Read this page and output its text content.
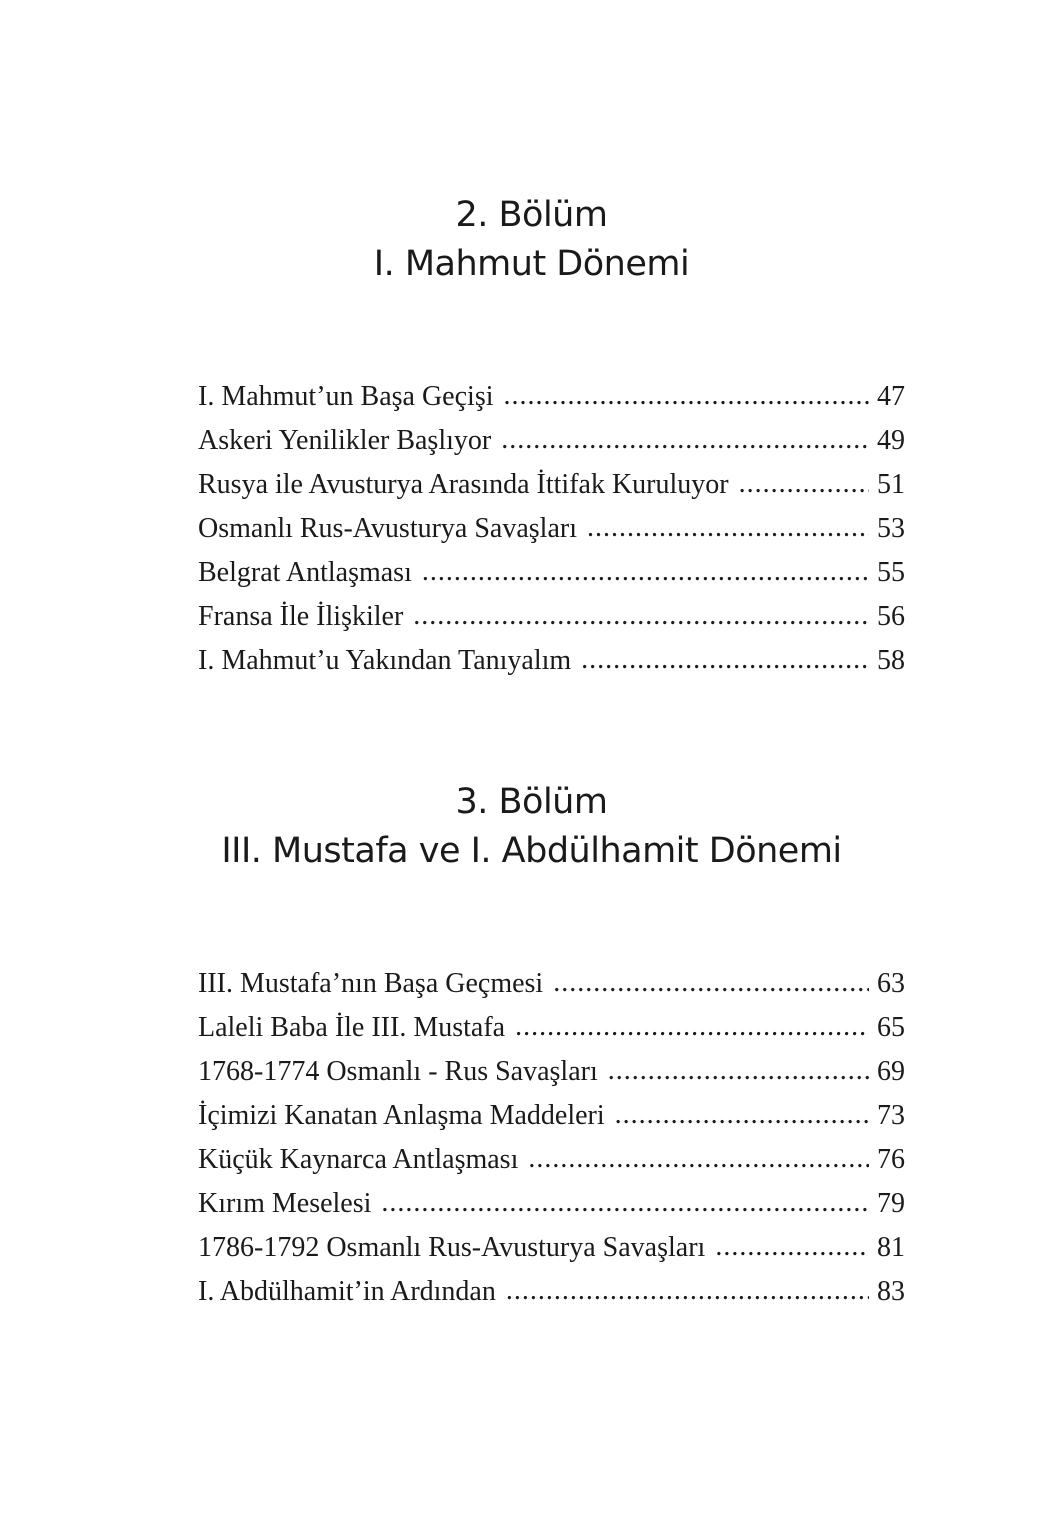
2. Bölüm
I. Mahmut Dönemi
I. Mahmut’un Başa Geçişi .....	47
Askeri Yenilikler Başlıyor .....	49
Rusya ile Avusturya Arasında İttifak Kuruluyor .....	51
Osmanlı Rus-Avusturya Savaşları .....	53
Belgrat Antlaşması .....	55
Fransa İle İlişkiler .....	56
I. Mahmut’u Yakından Tanıyalım .....	58
3. Bölüm
III. Mustafa ve I. Abdülhamit Dönemi
III. Mustafa’nın Başa Geçmesi .....	63
Laleli Baba İle III. Mustafa .....	65
1768-1774 Osmanlı - Rus Savaşları .....	69
İçimizi Kanatan Anlaşma Maddeleri .....	73
Küçük Kaynarca Antlaşması .....	76
Kırım Meselesi .....	79
1786-1792 Osmanlı Rus-Avusturya Savaşları .....	81
I. Abdülhamit’in Ardından .....	83
